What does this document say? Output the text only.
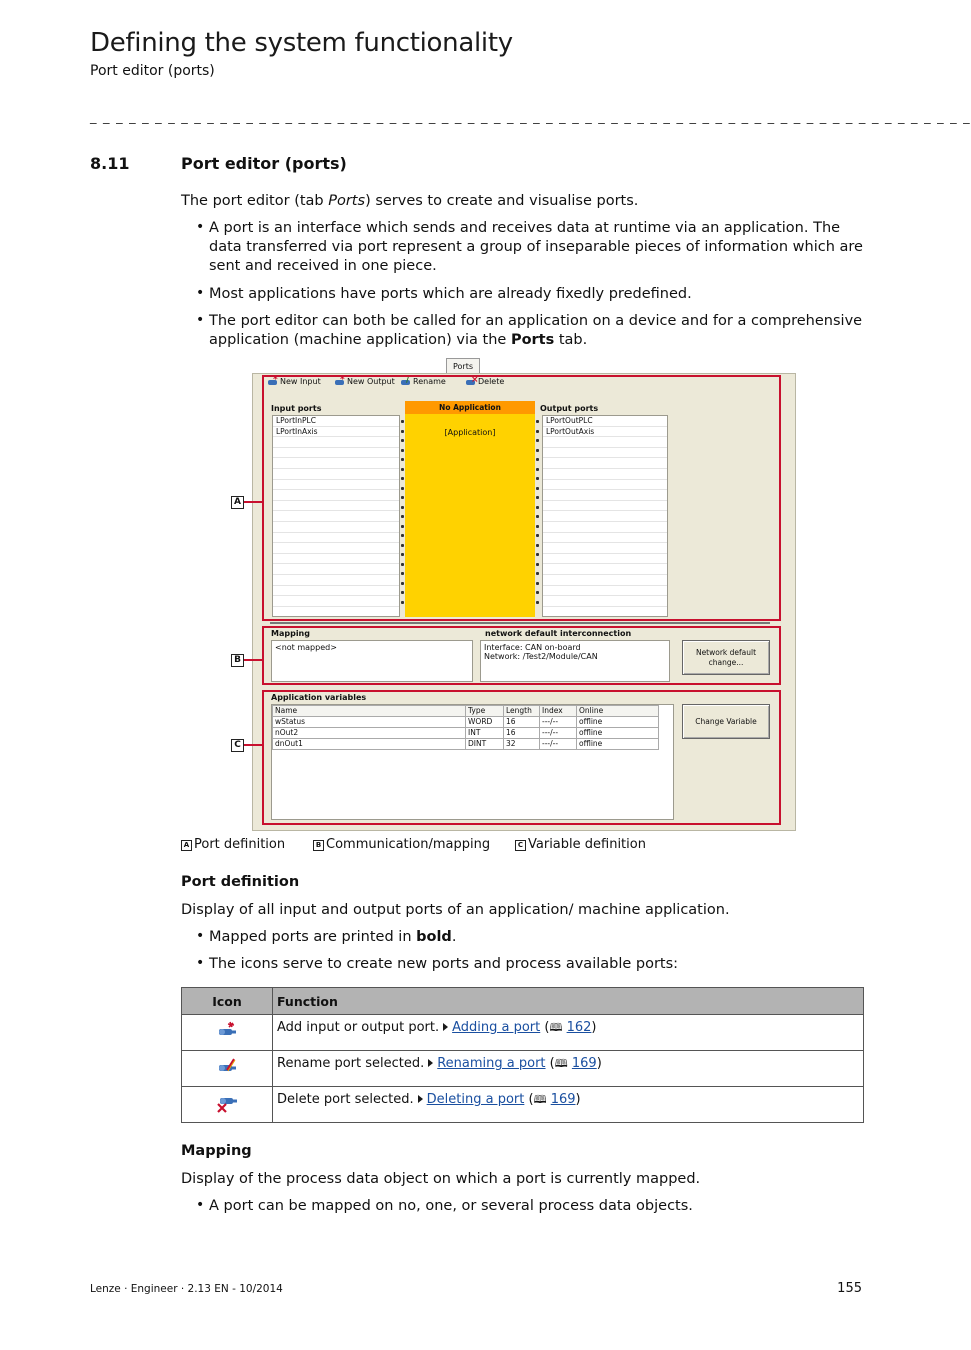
Defining the system functionality
Port editor (ports)
_ _ _ _ _ _ _ _ _ _ _ _ _ _ _ _ _ _ _ _ _ _ _ _ _ _ _ _ _ _ _ _ _ _ _ _ _ _ _ _ _ _ _ _ _ _ _ _ _ _ _ _ _ _ _ _ _ _ _ _ _ _ _ _ _ _ _ _
8.11	Port editor (ports)
The port editor (tab Ports) serves to create and visualise ports.
• A port is an interface which sends and receives data at runtime via an application. The data transferred via port represent a group of inseparable pieces of information which are sent and received in one piece.
• Most applications have ports which are already fixedly predefined.
• The port editor can both be called for an application on a device and for a comprehensive application (machine application) via the Ports tab.
Ports
* New Input * New Output / Rename	× Delete
Input ports
LPortInPLC
LPortInAxis
No Application
[Application]
Output ports
LPortOutPLC
LPortOutAxis
Mapping
<not mapped>
network default interconnection
Interface: CAN on-board
Network: /Test2/Module/CAN	Network default change...
Application variables
Name	Type	Length	Index	Online
wStatus	WORD	16	---/--	offline
nOut2	INT	16	---/--	offline
dnOut1	DINT	32	---/--	offline
Change Variable
A
B
C
A Port definition	B Communication/mapping	C Variable definition
Port definition
Display of all input and output ports of an application/ machine application.
• Mapped ports are printed in bold.
• The icons serve to create new ports and process available ports:
Icon	Function
	Add input or output port. Adding a port (🕮 162)
	Rename port selected. Renaming a port (🕮 169)
	Delete port selected. Deleting a port (🕮 169)
Mapping
Display of the process data object on which a port is currently mapped.
• A port can be mapped on no, one, or several process data objects.
Lenze · Engineer · 2.13 EN - 10/2014	155
